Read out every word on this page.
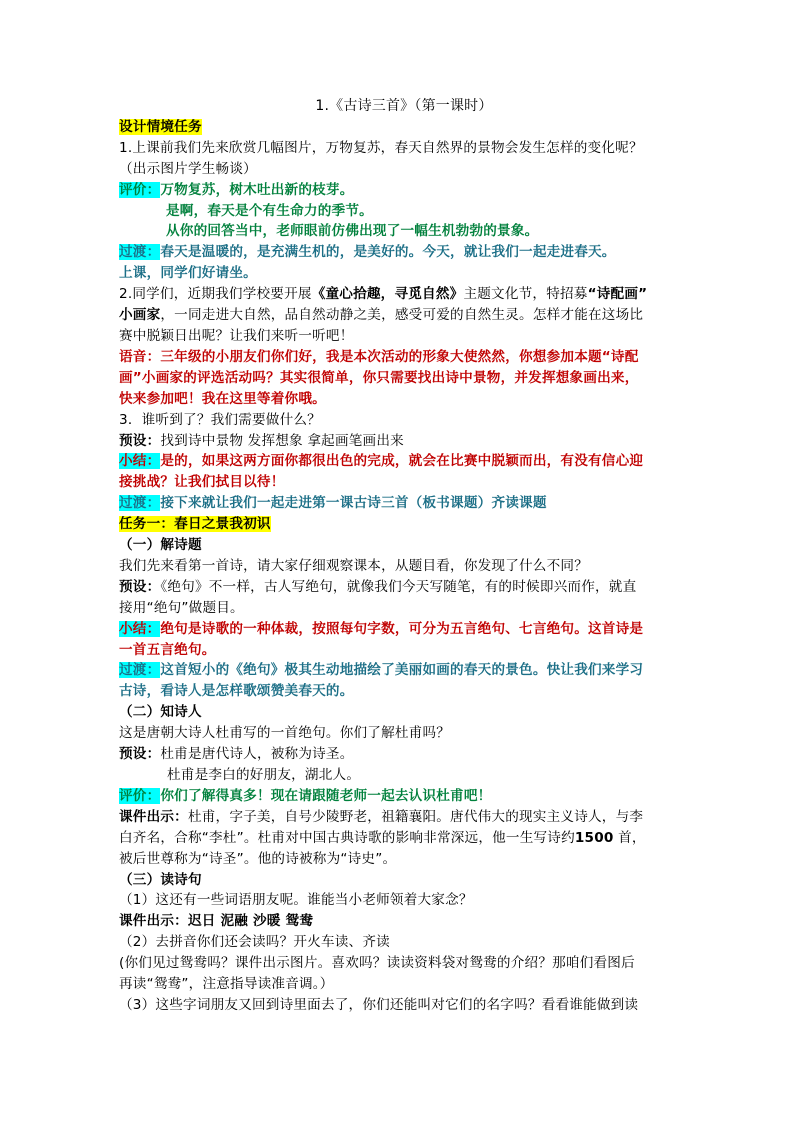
1.《古诗三首》（第一课时）
设计情境任务
1.上课前我们先来欣赏几幅图片，万物复苏，春天自然界的景物会发生怎样的变化呢？
（出示图片学生畅谈）
评价：万物复苏，树木吐出新的枝芽。
是啊，春天是个有生命力的季节。
从你的回答当中，老师眼前仿佛出现了一幅生机勃勃的景象。
过渡：春天是温暖的，是充满生机的，是美好的。今天，就让我们一起走进春天。
上课，同学们好请坐。
2.同学们，近期我们学校要开展《童心拾趣，寻觅自然》主题文化节，特招募“诗配画”
小画家，一同走进大自然，品自然动静之美，感受可爱的自然生灵。怎样才能在这场比
赛中脱颖日出呢？让我们来听一听吧！
语音：三年级的小朋友们你们好，我是本次活动的形象大使然然，你想参加本题“诗配
画”小画家的评选活动吗？其实很简单，你只需要找出诗中景物，并发挥想象画出来，
快来参加吧！我在这里等着你哦。
3．谁听到了？我们需要做什么？
预设：找到诗中景物 发挥想象 拿起画笔画出来
小结：是的，如果这两方面你都很出色的完成，就会在比赛中脱颖而出，有没有信心迎
接挑战？让我们拭目以待！
过渡：接下来就让我们一起走进第一课古诗三首（板书课题）齐读课题
任务一：春日之景我初识
（一）解诗题
我们先来看第一首诗，请大家仔细观察课本，从题目看，你发现了什么不同？
预设：《绝句》不一样，古人写绝句，就像我们今天写随笔，有的时候即兴而作，就直
接用“绝句”做题目。
小结：绝句是诗歌的一种体裁，按照每句字数，可分为五言绝句、七言绝句。这首诗是
一首五言绝句。
过渡：这首短小的《绝句》极其生动地描绘了美丽如画的春天的景色。快让我们来学习
古诗，看诗人是怎样歌颂赞美春天的。
（二）知诗人
这是唐朝大诗人杜甫写的一首绝句。你们了解杜甫吗？
预设：杜甫是唐代诗人，被称为诗圣。
杜甫是李白的好朋友，湖北人。
评价：你们了解得真多！现在请跟随老师一起去认识杜甫吧！
课件出示：杜甫，字子美，自号少陵野老，祖籍襄阳。唐代伟大的现实主义诗人，与李
白齐名，合称“李杜”。杜甫对中国古典诗歌的影响非常深远，他一生写诗约1500 首，
被后世尊称为“诗圣”。他的诗被称为“诗史”。
（三）读诗句
（1）这还有一些词语朋友呢。谁能当小老师领着大家念？
课件出示：迟日 泥融 沙暖 鸳鸯
（2）去拼音你们还会读吗？开火车读、齐读
(你们见过鸳鸯吗？课件出示图片。喜欢吗？读读资料袋对鸳鸯的介绍？那咱们看图后
再读“鸳鸯”，注意指导读准音调。）
（3）这些字词朋友又回到诗里面去了，你们还能叫对它们的名字吗？看看谁能做到读
